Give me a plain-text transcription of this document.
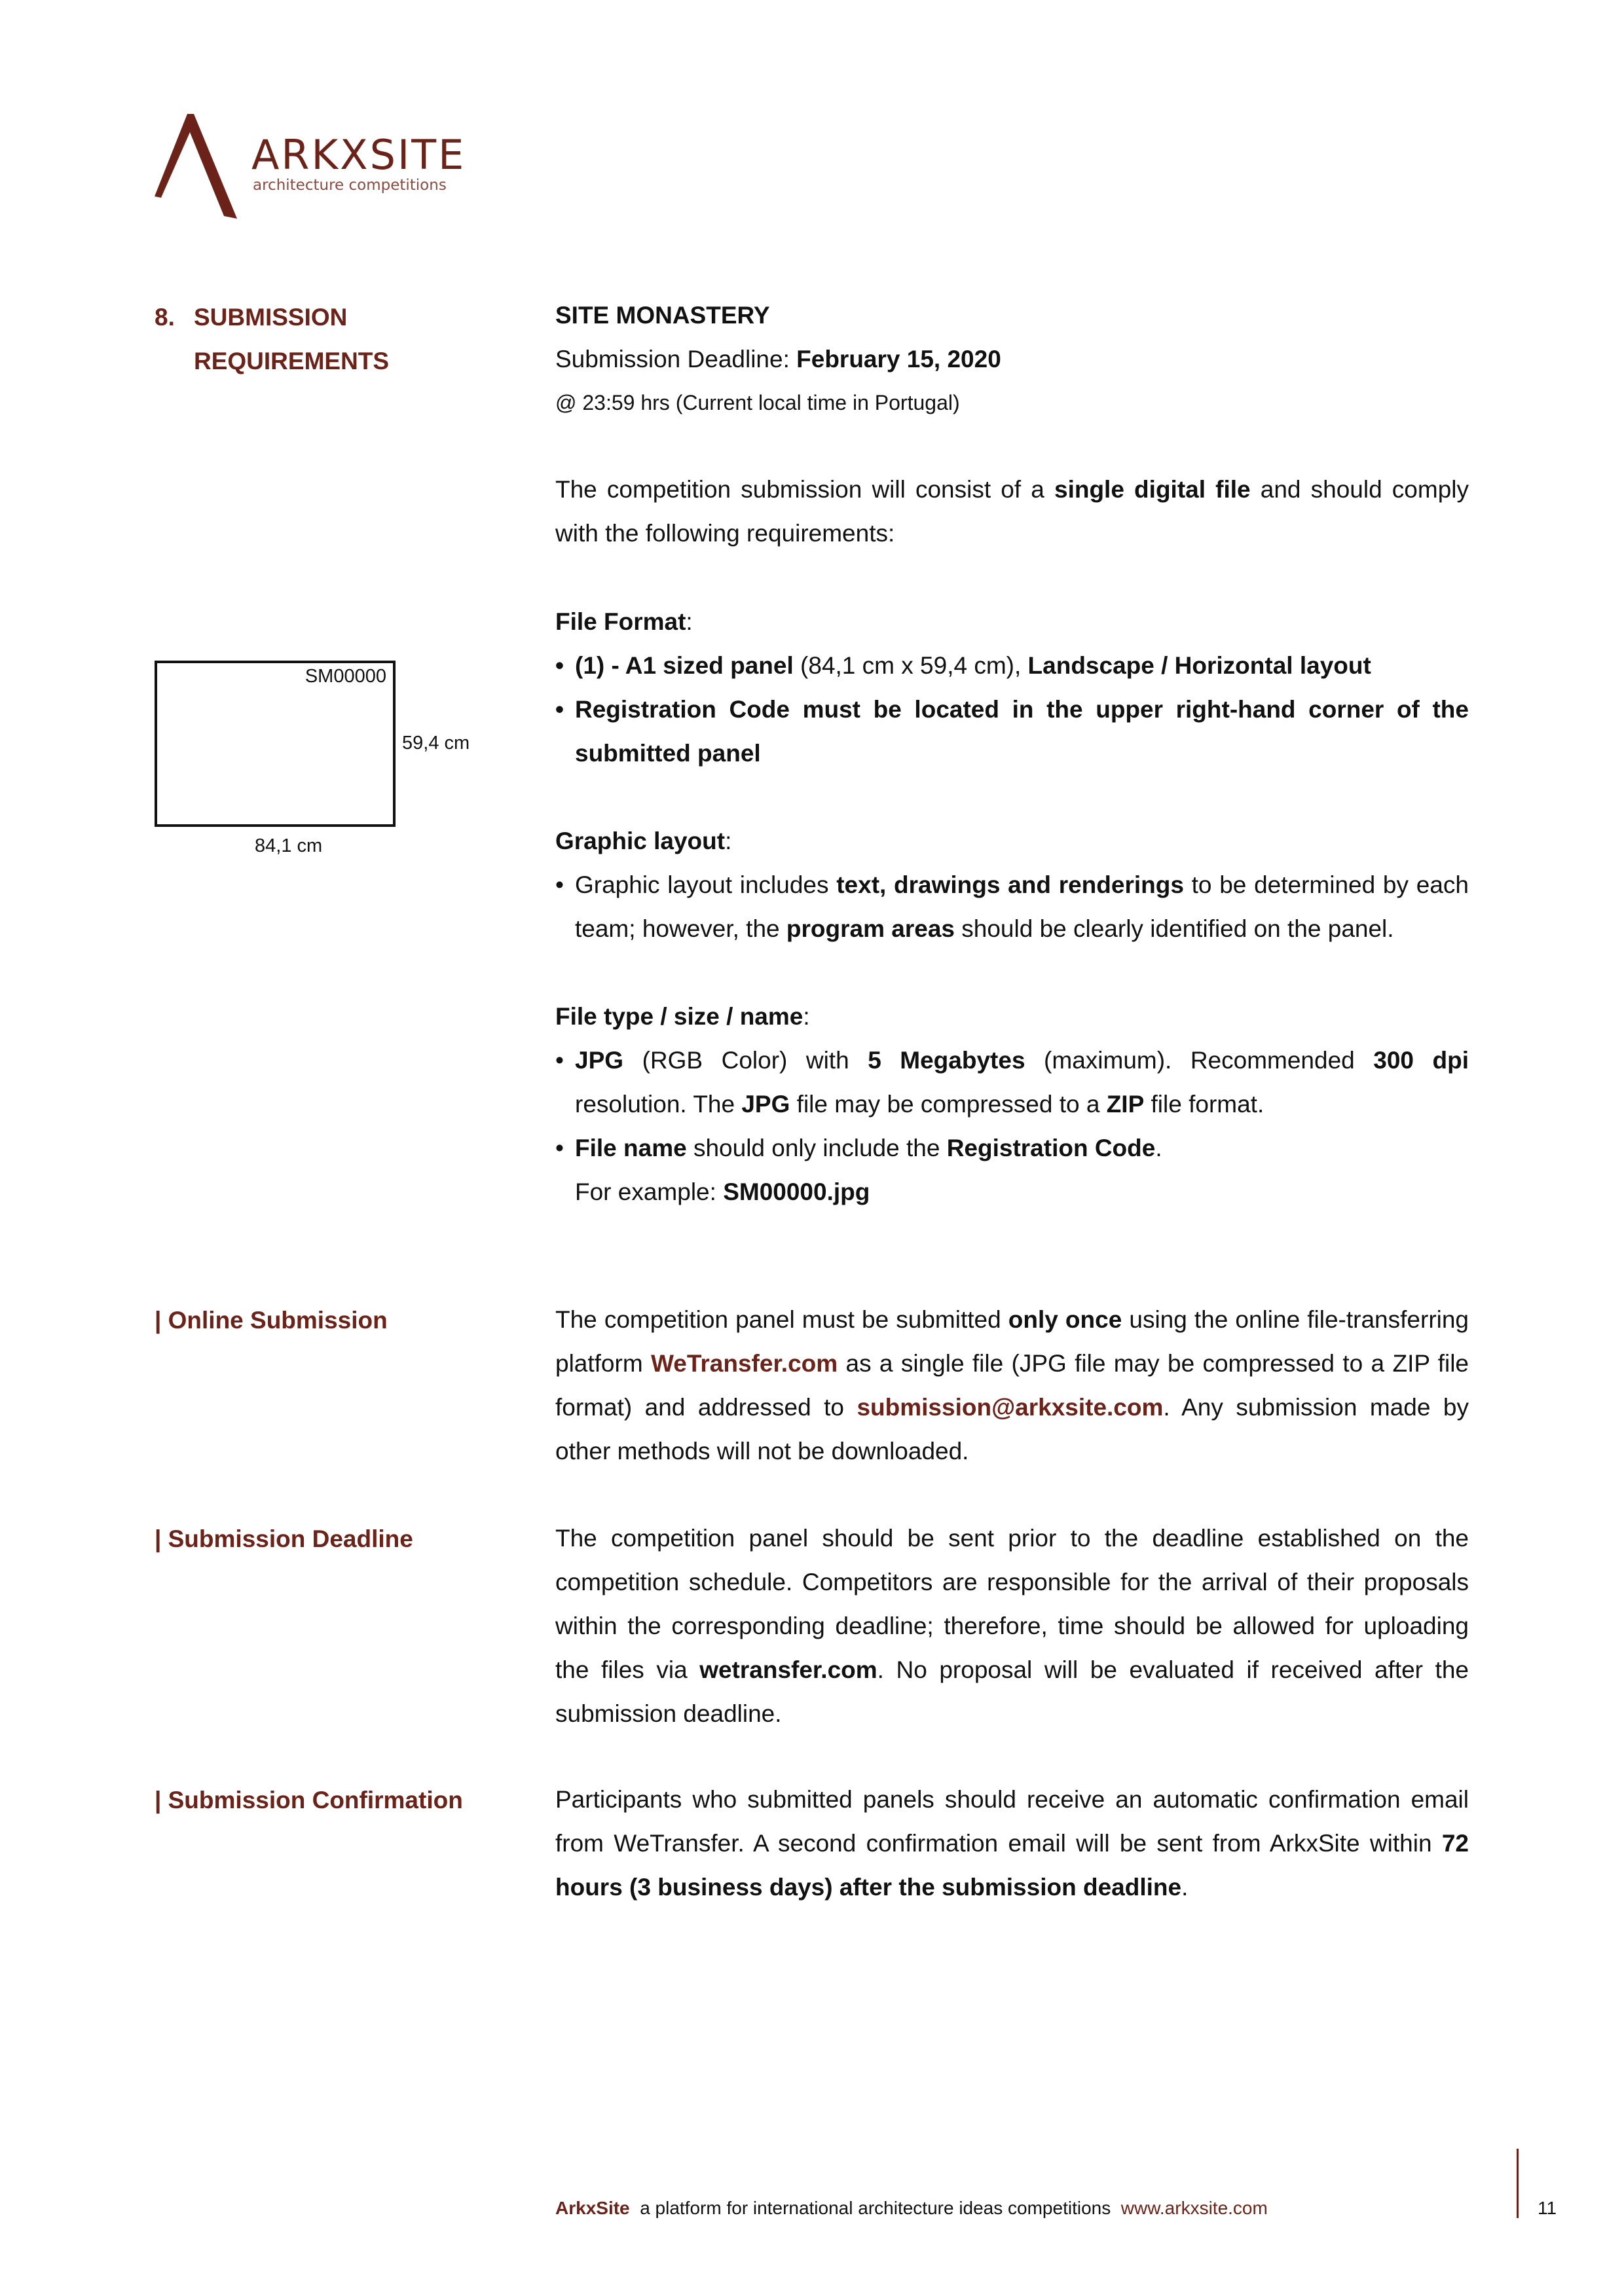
ARKXSITE
architecture competitions
8. SUBMISSION
REQUIREMENTS
SITE MONASTERY
Submission Deadline: February 15, 2020
@ 23:59 hrs (Current local time in Portugal)
The competition submission will consist of a single digital file and should comply with the following requirements:
SM00000
59,4 cm
84,1 cm
File Format:
• (1) - A1 sized panel (84,1 cm x 59,4 cm), Landscape / Horizontal layout
• Registration Code must be located in the upper right-hand corner of the submitted panel
Graphic layout:
• Graphic layout includes text, drawings and renderings to be determined by each team; however, the program areas should be clearly identified on the panel.
File type / size / name:
• JPG (RGB Color) with 5 Megabytes (maximum). Recommended 300 dpi resolution. The JPG file may be compressed to a ZIP file format.
• File name should only include the Registration Code.
For example: SM00000.jpg
| Online Submission	The competition panel must be submitted only once using the online file-transferring platform WeTransfer.com as a single file (JPG file may be compressed to a ZIP file format) and addressed to submission@arkxsite.com. Any submission made by other methods will not be downloaded.
| Submission Deadline	The competition panel should be sent prior to the deadline established on the competition schedule. Competitors are responsible for the arrival of their proposals within the corresponding deadline; therefore, time should be allowed for uploading the files via wetransfer.com. No proposal will be evaluated if received after the submission deadline.
| Submission Confirmation	Participants who submitted panels should receive an automatic confirmation email from WeTransfer. A second confirmation email will be sent from ArkxSite within 72 hours (3 business days) after the submission deadline.
ArkxSite a platform for international architecture ideas competitions www.arkxsite.com	11
